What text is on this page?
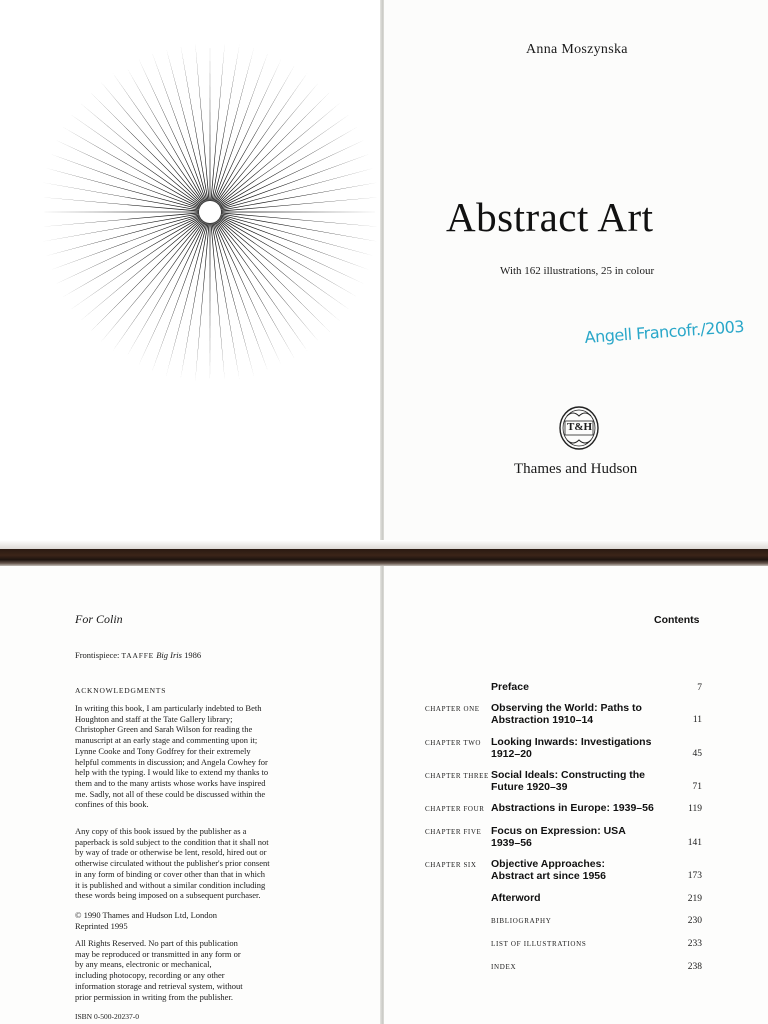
Anna Moszynska
Abstract Art
With 162 illustrations, 25 in colour
Angell Francofr./2003
T&H
Thames and Hudson
For Colin
Frontispiece: TAAFFE Big Iris 1986
ACKNOWLEDGMENTS
In writing this book, I am particularly indebted to Beth Houghton and staff at the Tate Gallery library; Christopher Green and Sarah Wilson for reading the manuscript at an early stage and commenting upon it; Lynne Cooke and Tony Godfrey for their extremely helpful comments in discussion; and Angela Cowhey for help with the typing. I would like to extend my thanks to them and to the many artists whose works have inspired me. Sadly, not all of these could be discussed within the confines of this book.
Any copy of this book issued by the publisher as a paperback is sold subject to the condition that it shall not by way of trade or otherwise be lent, resold, hired out or otherwise circulated without the publisher's prior consent in any form of binding or cover other than that in which it is published and without a similar condition including these words being imposed on a subsequent purchaser.
© 1990 Thames and Hudson Ltd, London
Reprinted 1995
All Rights Reserved. No part of this publication may be reproduced or transmitted in any form or by any means, electronic or mechanical, including photocopy, recording or any other information storage and retrieval system, without prior permission in writing from the publisher.
ISBN 0-500-20237-0
Contents
Preface	7
CHAPTER ONE Observing the World: Paths to Abstraction 1910–14	11
CHAPTER TWO Looking Inwards: Investigations 1912–20	45
CHAPTER THREE Social Ideals: Constructing the Future 1920–39	71
CHAPTER FOUR Abstractions in Europe: 1939–56	119
CHAPTER FIVE Focus on Expression: USA 1939–56	141
CHAPTER SIX Objective Approaches: Abstract art since 1956	173
Afterword	219
BIBLIOGRAPHY	230
LIST OF ILLUSTRATIONS	233
INDEX	238
